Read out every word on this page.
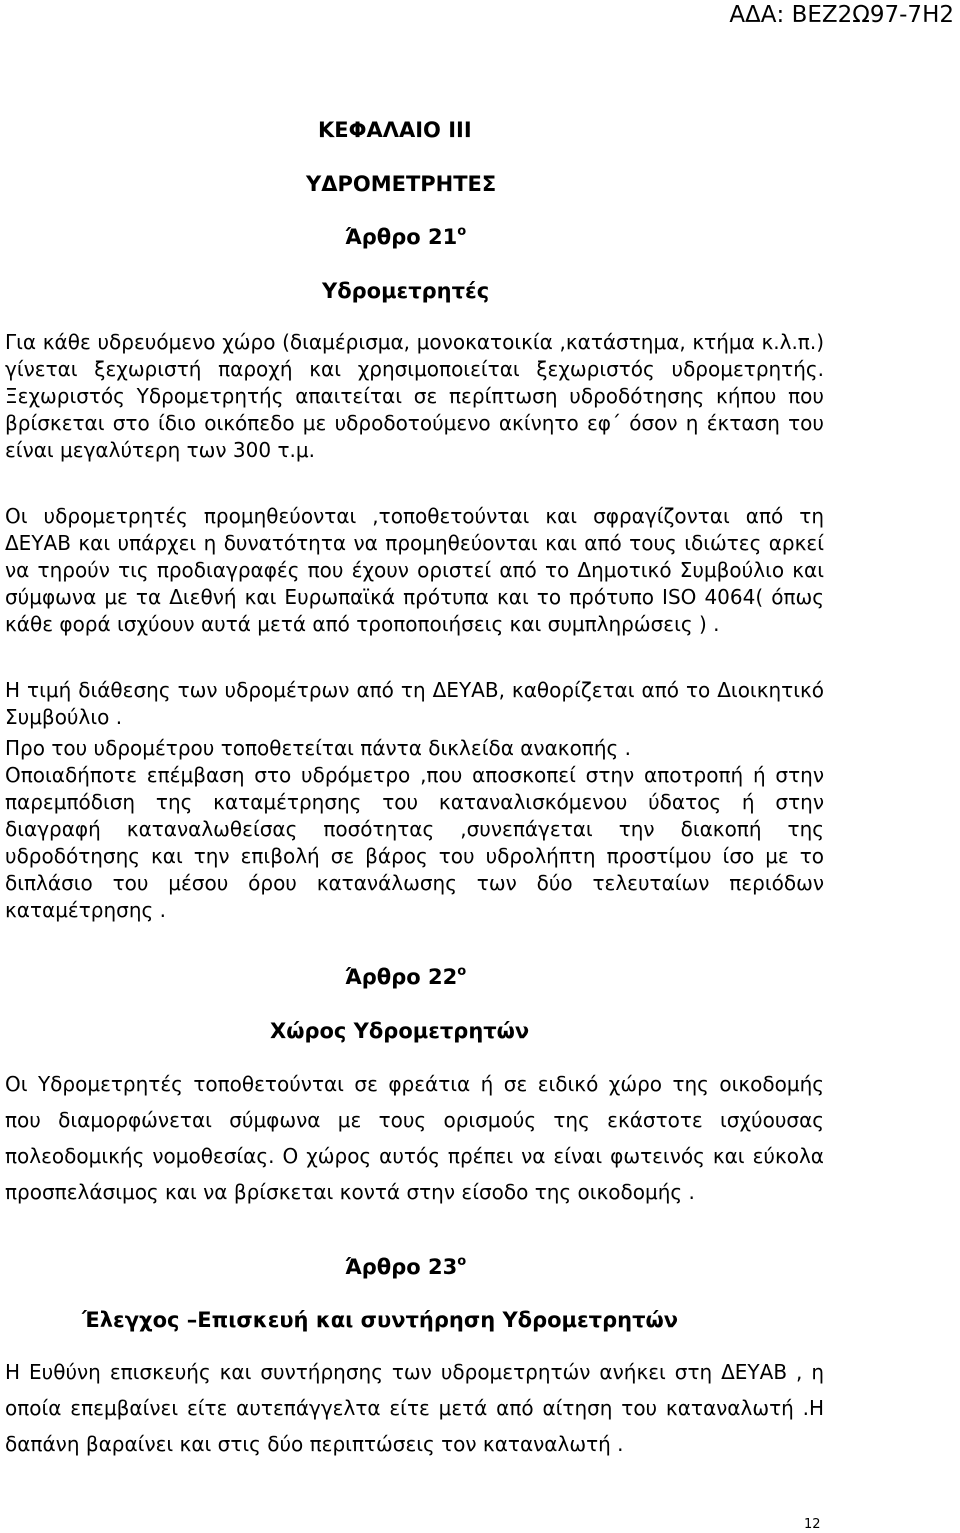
ΑΔΑ: ΒΕΖ2Ω97-7Η2
ΚΕΦΑΛΑΙΟ ΙΙΙ
ΥΔΡΟΜΕΤΡΗΤΕΣ
Άρθρο $21^o$
Υδρομετρητές

Για κάθε υδρευόμενο χώρο (διαμέρισμα, μονοκατοικία ,κατάστημα, κτήμα κ.λ.π.) γίνεται ξεχωριστή παροχή και χρησιμοποιείται ξεχωριστός υδρομετρητής. Ξεχωριστός Υδρομετρητής απαιτείται σε περίπτωση υδροδότησης κήπου που βρίσκεται στο ίδιο οικόπεδο με υδροδοτούμενο ακίνητο εφ΄ όσον η έκταση του είναι μεγαλύτερη των 300 τ.μ.

Οι υδρομετρητές προμηθεύονται ,τοποθετούνται και σφραγίζονται από τη ΔΕΥΑΒ και υπάρχει η δυνατότητα να προμηθεύονται και από τους ιδιώτες αρκεί να τηρούν τις προδιαγραφές που έχουν οριστεί από το Δημοτικό Συμβούλιο και σύμφωνα με τα Διεθνή και Ευρωπαϊκά πρότυπα και το πρότυπο ISO 4064( όπως κάθε φορά ισχύουν αυτά μετά από τροποποιήσεις και συμπληρώσεις ) .

Η τιμή διάθεσης των υδρομέτρων από τη ΔΕΥΑΒ, καθορίζεται από το Διοικητικό Συμβούλιο .

Προ του υδρομέτρου τοποθετείται πάντα δικλείδα ανακοπής .

Οποιαδήποτε επέμβαση στο υδρόμετρο ,που αποσκοπεί στην αποτροπή ή στην παρεμπόδιση της καταμέτρησης του καταναλισκόμενου ύδατος ή στην διαγραφή καταναλωθείσας ποσότητας ,συνεπάγεται την διακοπή της υδροδότησης και την επιβολή σε βάρος του υδρολήπτη προστίμου ίσο με το διπλάσιο του μέσου όρου κατανάλωσης των δύο τελευταίων περιόδων καταμέτρησης .

Άρθρο $22^o$
Χώρος Υδρομετρητών

Οι Υδρομετρητές τοποθετούνται σε φρεάτια ή σε ειδικό χώρο της οικοδομής που διαμορφώνεται σύμφωνα με τους ορισμούς της εκάστοτε ισχύουσας πολεοδομικής νομοθεσίας. Ο χώρος αυτός πρέπει να είναι φωτεινός και εύκολα προσπελάσιμος και να βρίσκεται κοντά στην είσοδο της οικοδομής .

Άρθρο $23^o$
Έλεγχος –Επισκευή και συντήρηση Υδρομετρητών

Η Ευθύνη επισκευής και συντήρησης των υδρομετρητών ανήκει στη ΔΕΥΑΒ , η οποία επεμβαίνει είτε αυτεπάγγελτα είτε μετά από αίτηση του καταναλωτή .Η δαπάνη βαραίνει και στις δύο περιπτώσεις τον καταναλωτή .

12
